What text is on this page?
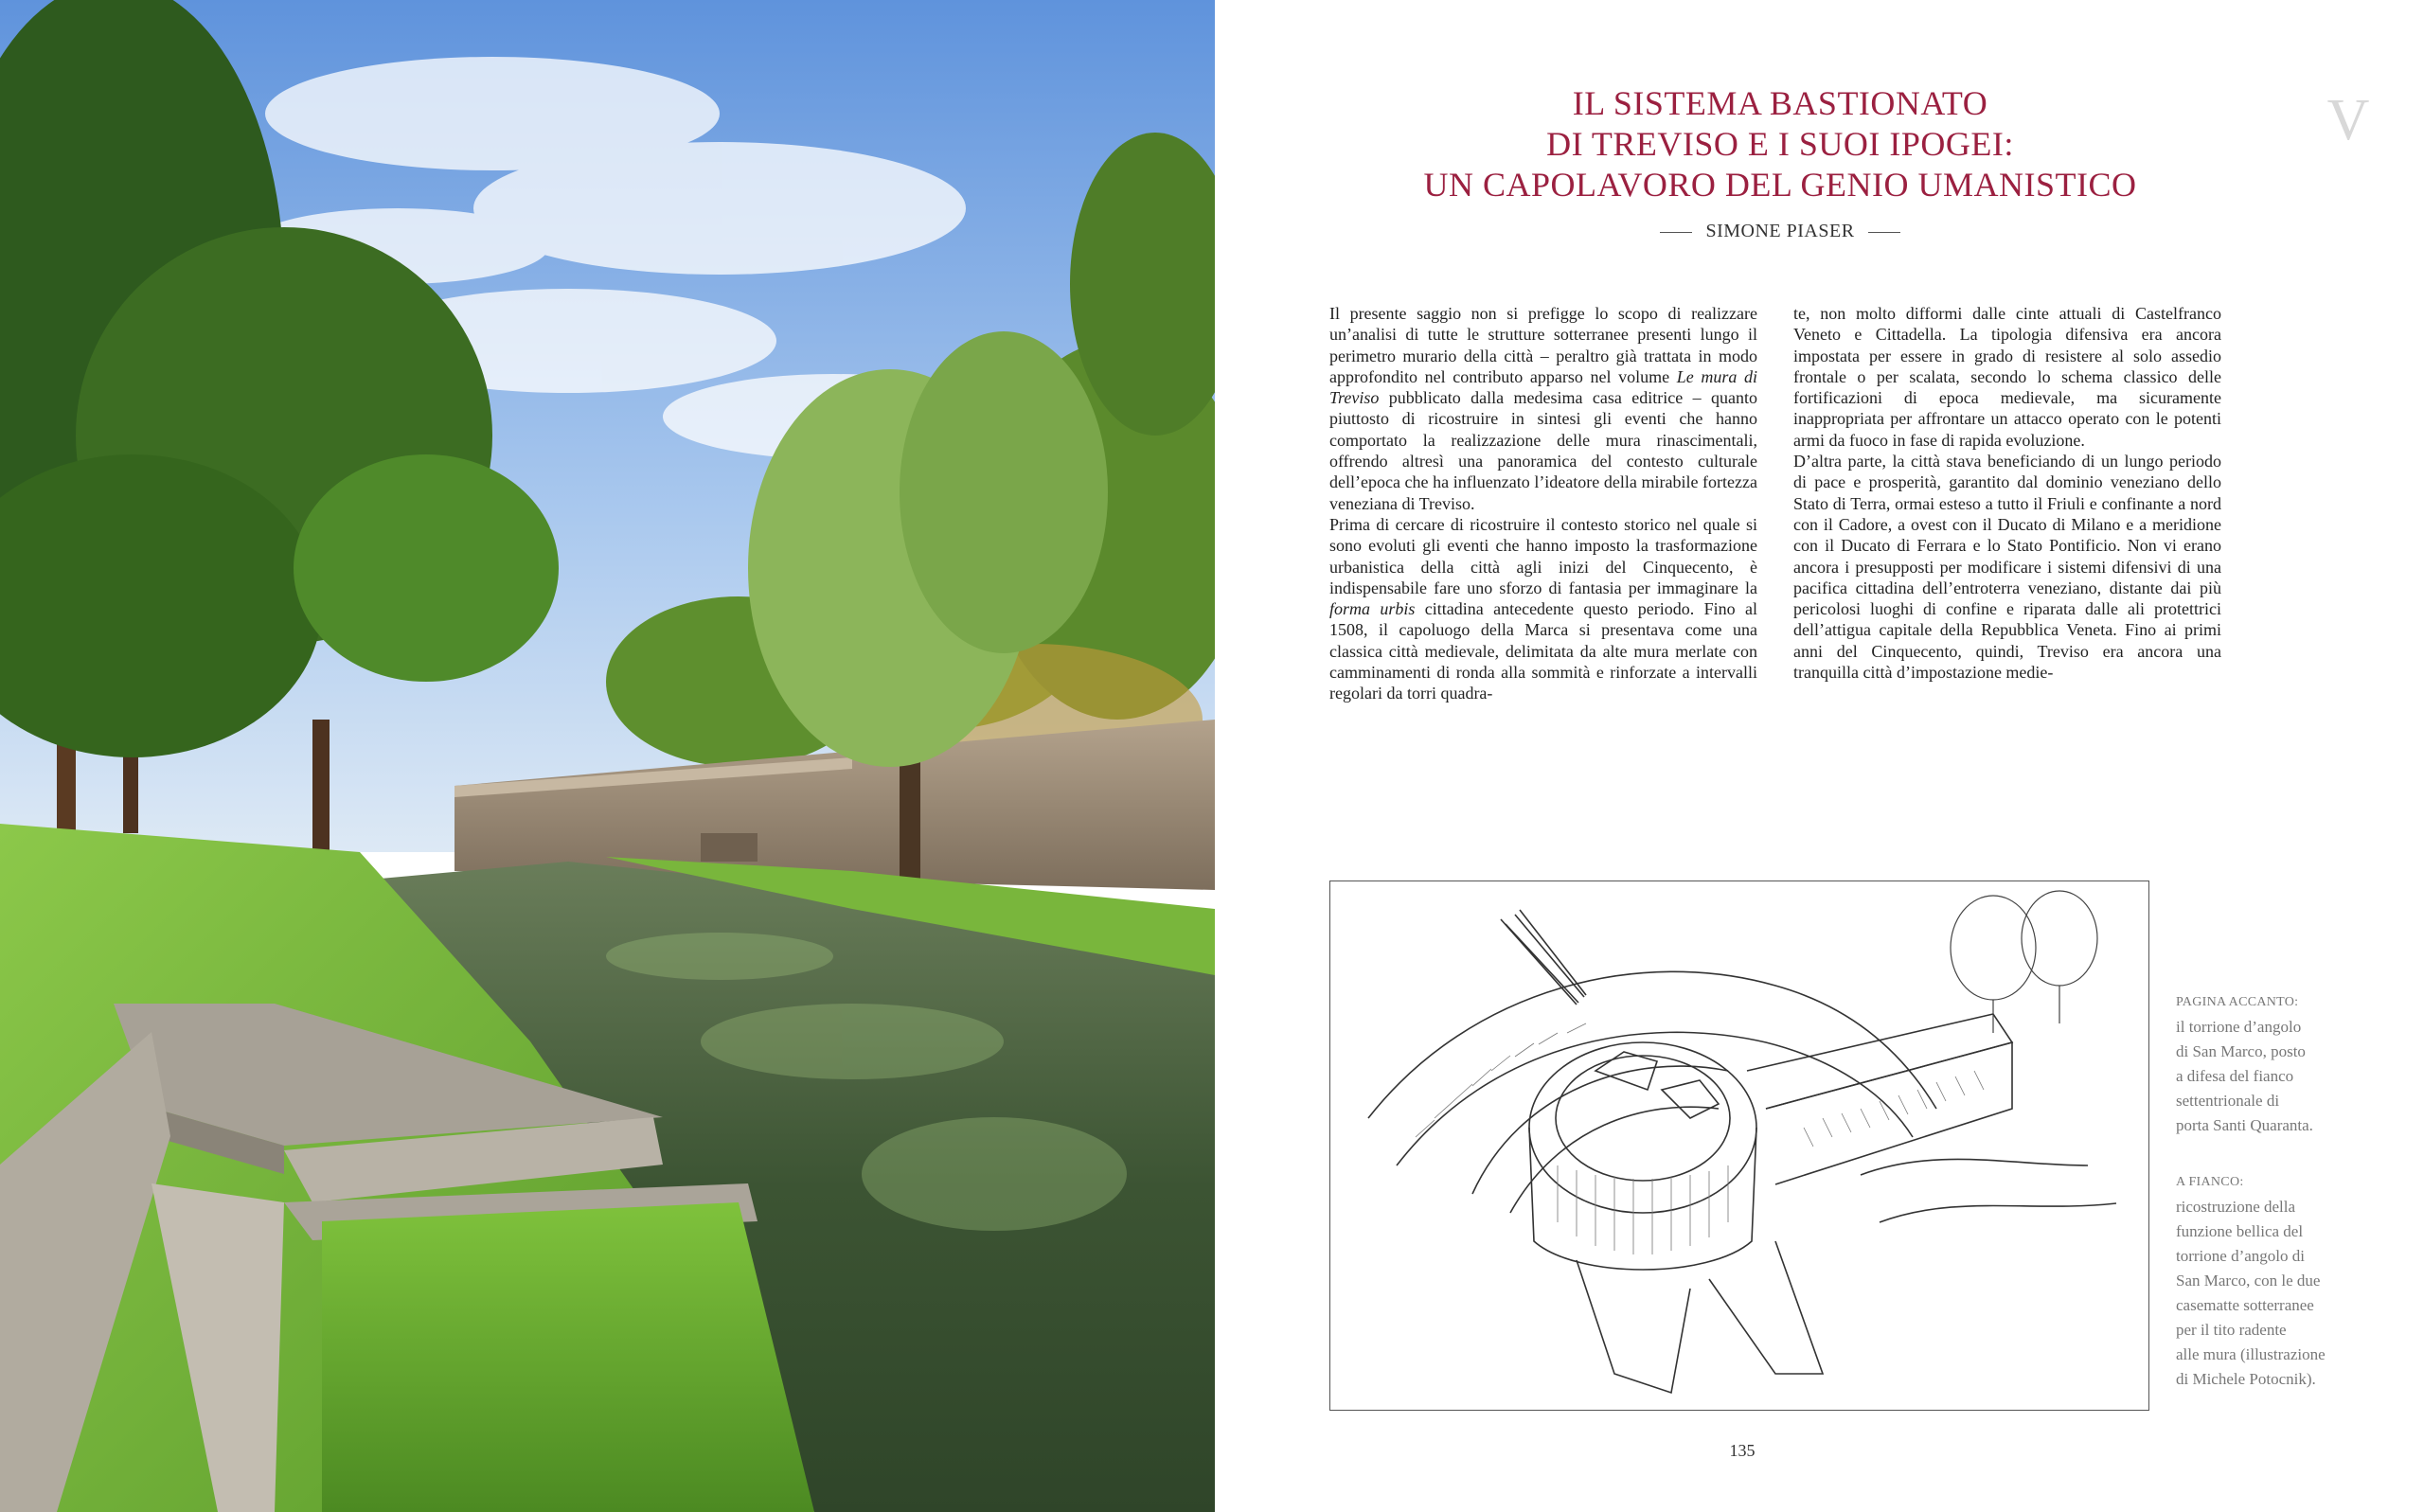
V
IL SISTEMA BASTIONATO
DI TREVISO E I SUOI IPOGEI:
UN CAPOLAVORO DEL GENIO UMANISTICO
SIMONE PIASER

Il presente saggio non si prefigge lo scopo di realizzare un’analisi di tutte le strutture sotterranee presenti lungo il perimetro murario della città – peraltro già trattata in modo approfondito nel contributo apparso nel volume Le mura di Treviso pubblicato dalla medesima casa editrice – quanto piuttosto di ricostruire in sintesi gli eventi che hanno comportato la realizzazione delle mura rinascimentali, offrendo altresì una panoramica del contesto culturale dell’epoca che ha influenzato l’ideatore della mirabile fortezza veneziana di Treviso.

Prima di cercare di ricostruire il contesto storico nel quale si sono evoluti gli eventi che hanno imposto la trasformazione urbanistica della città agli inizi del Cinquecento, è indispensabile fare uno sforzo di fantasia per immaginare la forma urbis cittadina antecedente questo periodo. Fino al 1508, il capoluogo della Marca si presentava come una classica città medievale, delimitata da alte mura merlate con camminamenti di ronda alla sommità e rinforzate a intervalli regolari da torri quadra-

te, non molto difformi dalle cinte attuali di Castelfranco Veneto e Cittadella. La tipologia difensiva era ancora impostata per essere in grado di resistere al solo assedio frontale o per scalata, secondo lo schema classico delle fortificazioni di epoca medievale, ma sicuramente inappropriata per affrontare un attacco operato con le potenti armi da fuoco in fase di rapida evoluzione.

D’altra parte, la città stava beneficiando di un lungo periodo di pace e prosperità, garantito dal dominio veneziano dello Stato di Terra, ormai esteso a tutto il Friuli e confinante a nord con il Cadore, a ovest con il Ducato di Milano e a meridione con il Ducato di Ferrara e lo Stato Pontificio. Non vi erano ancora i presupposti per modificare i sistemi difensivi di una pacifica cittadina dell’entroterra veneziano, distante dai più pericolosi luoghi di confine e riparata dalle ali protettrici dell’attigua capitale della Repubblica Veneta. Fino ai primi anni del Cinquecento, quindi, Treviso era ancora una tranquilla città d’impostazione medie-

PAGINA ACCANTO:
il torrione d’angolo
di San Marco, posto
a difesa del fianco
settentrionale di
porta Santi Quaranta.
A FIANCO:
ricostruzione della
funzione bellica del
torrione d’angolo di
San Marco, con le due
casematte sotterranee
per il tito radente
alle mura (illustrazione
di Michele Potocnik).
135
